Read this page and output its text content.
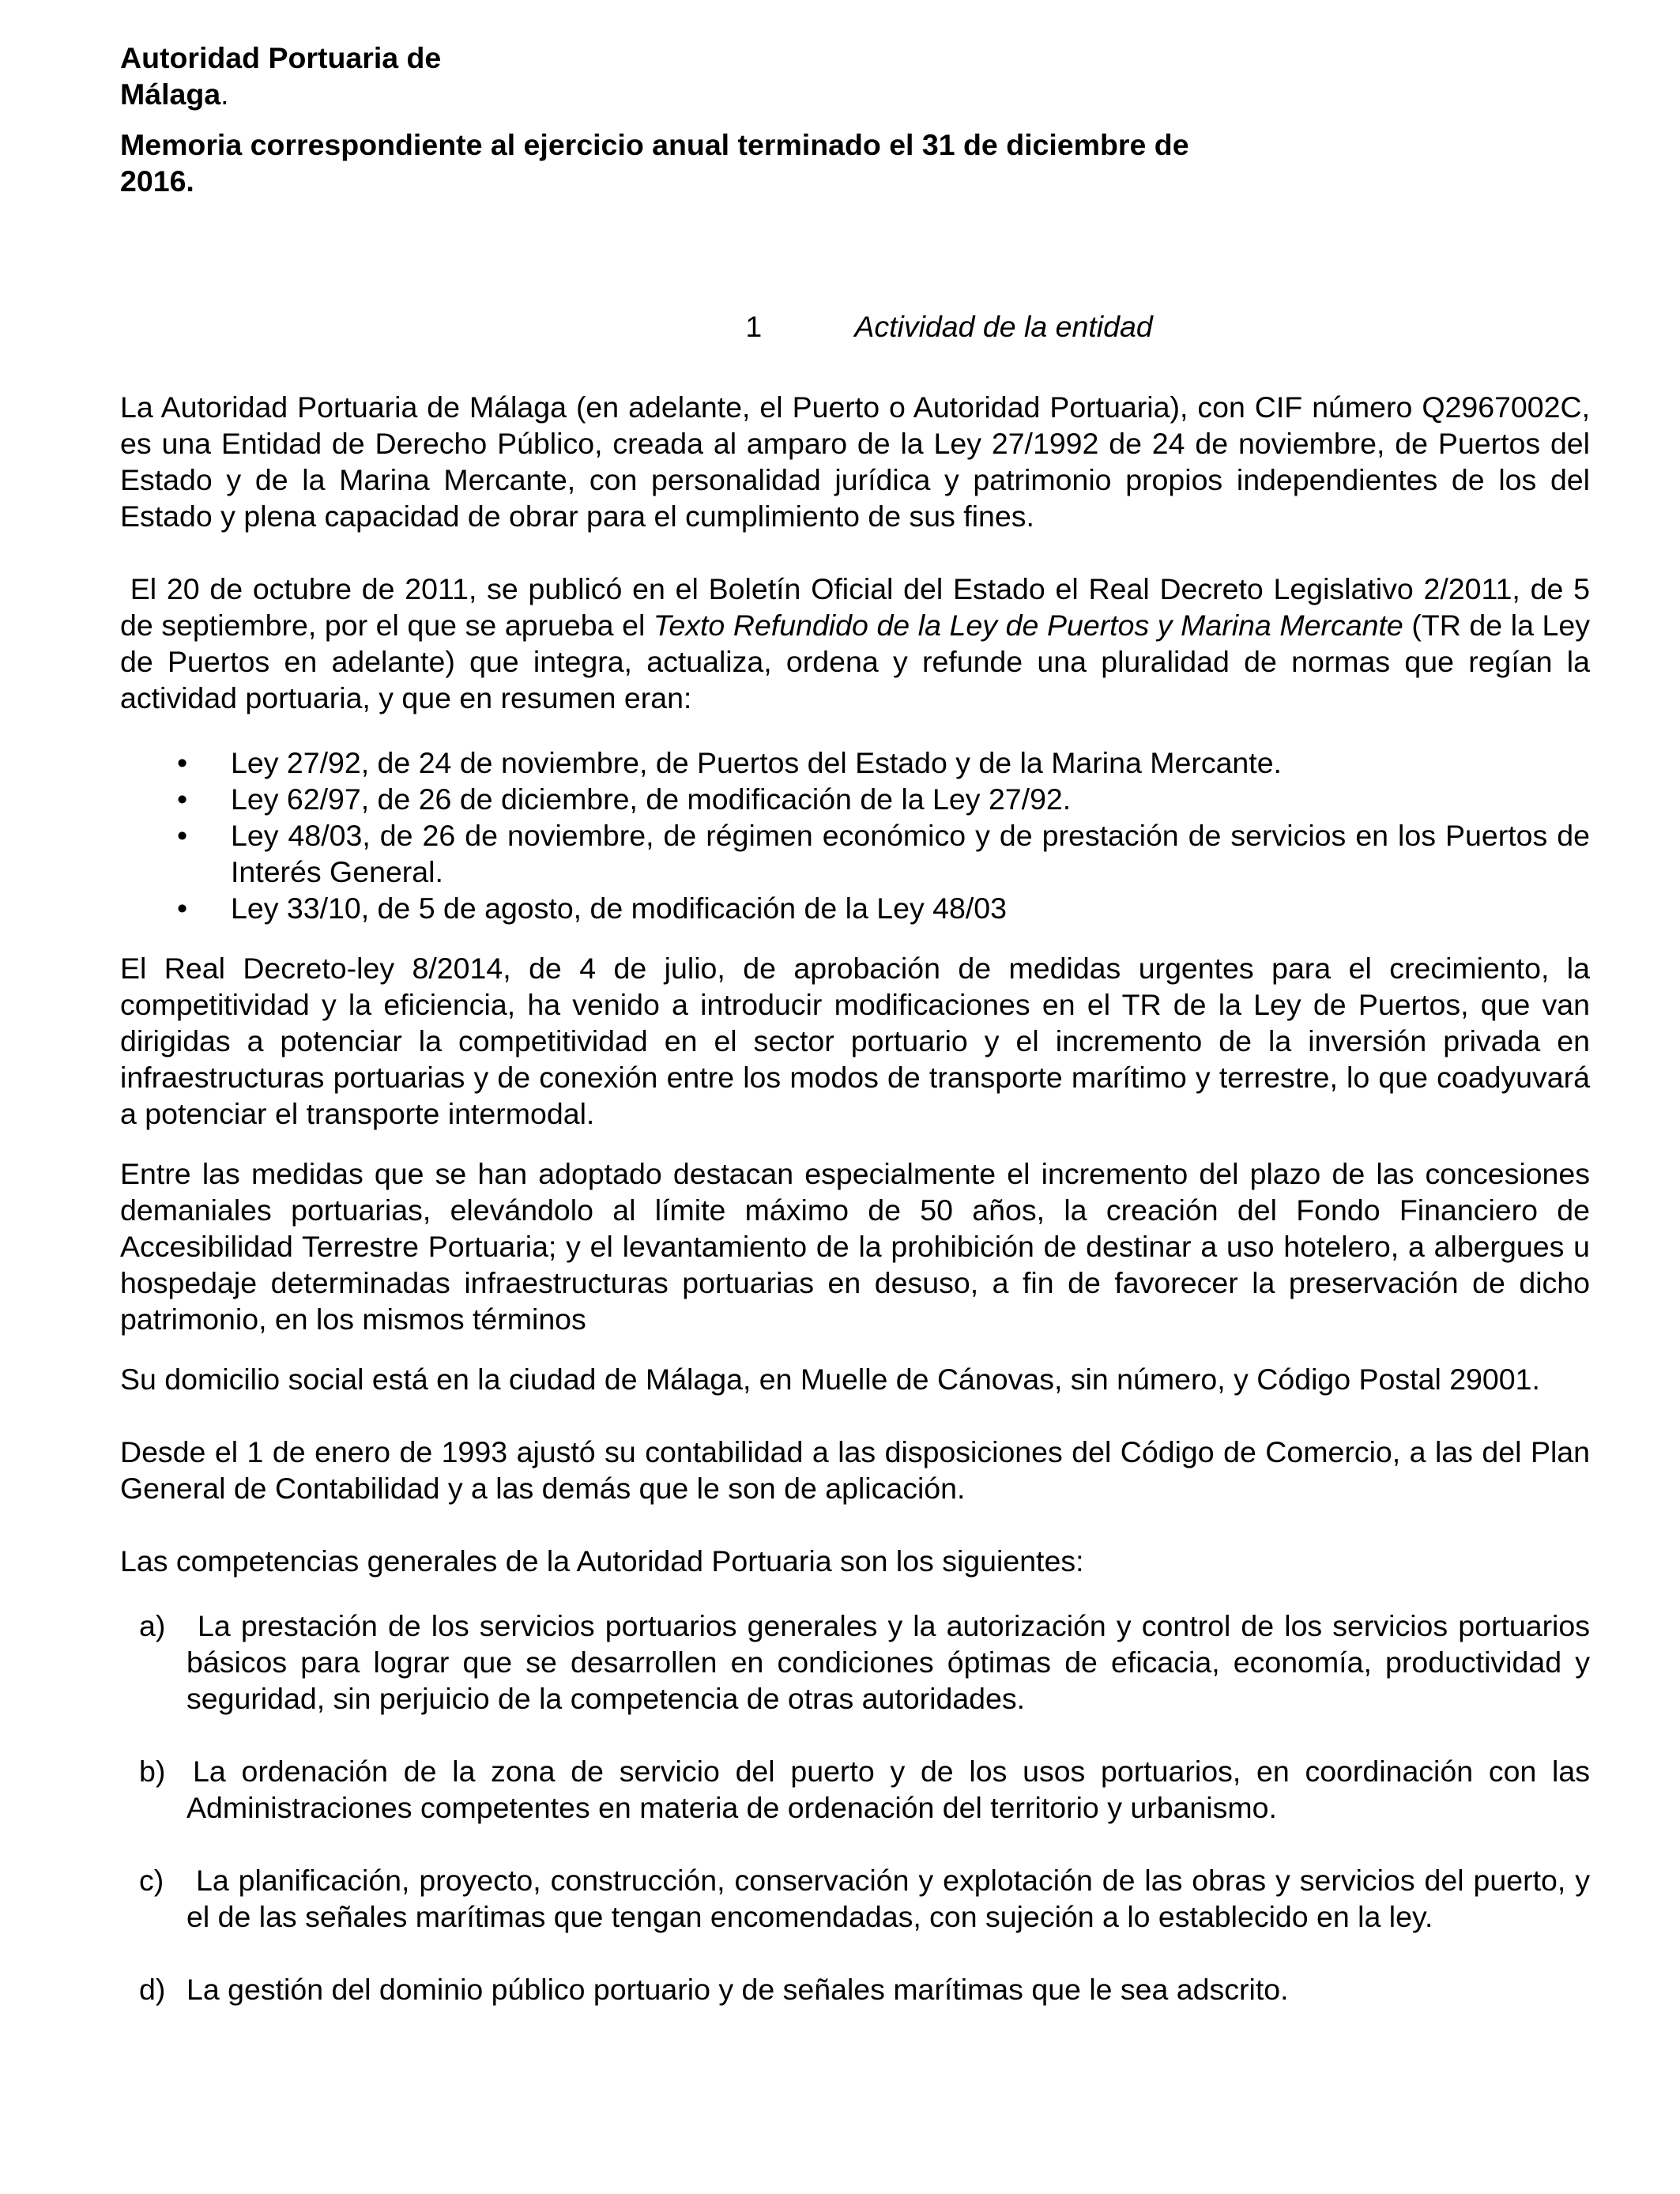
Autoridad Portuaria de
Málaga.

Memoria correspondiente al ejercicio anual terminado el 31 de diciembre de 2016.

1	Actividad de la entidad

La Autoridad Portuaria de Málaga (en adelante, el Puerto o Autoridad Portuaria), con CIF número Q2967002C, es una Entidad de Derecho Público, creada al amparo de la Ley 27/1992 de 24 de noviembre, de Puertos del Estado y de la Marina Mercante, con personalidad jurídica y patrimonio propios independientes de los del Estado y plena capacidad de obrar para el cumplimiento de sus fines.

El 20 de octubre de 2011, se publicó en el Boletín Oficial del Estado el Real Decreto Legislativo 2/2011, de 5 de septiembre, por el que se aprueba el Texto Refundido de la Ley de Puertos y Marina Mercante (TR de la Ley de Puertos en adelante) que integra, actualiza, ordena y refunde una pluralidad de normas que regían la actividad portuaria, y que en resumen eran:

•	Ley 27/92, de 24 de noviembre, de Puertos del Estado y de la Marina Mercante.
•	Ley 62/97, de 26 de diciembre, de modificación de la Ley 27/92.
•	Ley 48/03, de 26 de noviembre, de régimen económico y de prestación de servicios en los Puertos de Interés General.
•	Ley 33/10, de 5 de agosto, de modificación de la Ley 48/03

El Real Decreto-ley 8/2014, de 4 de julio, de aprobación de medidas urgentes para el crecimiento, la competitividad y la eficiencia, ha venido a introducir modificaciones en el TR de la Ley de Puertos, que van dirigidas a potenciar la competitividad en el sector portuario y el incremento de la inversión privada en infraestructuras portuarias y de conexión entre los modos de transporte marítimo y terrestre, lo que coadyuvará a potenciar el transporte intermodal.

Entre las medidas que se han adoptado destacan especialmente el incremento del plazo de las concesiones demaniales portuarias, elevándolo al límite máximo de 50 años, la creación del Fondo Financiero de Accesibilidad Terrestre Portuaria; y el levantamiento de la prohibición de destinar a uso hotelero, a albergues u hospedaje determinadas infraestructuras portuarias en desuso, a fin de favorecer la preservación de dicho patrimonio, en los mismos términos

Su domicilio social está en la ciudad de Málaga, en Muelle de Cánovas, sin número, y Código Postal 29001.

Desde el 1 de enero de 1993 ajustó su contabilidad a las disposiciones del Código de Comercio, a las del Plan General de Contabilidad y a las demás que le son de aplicación.

Las competencias generales de la Autoridad Portuaria son los siguientes:

a)	La prestación de los servicios portuarios generales y la autorización y control de los servicios portuarios básicos para lograr que se desarrollen en condiciones óptimas de eficacia, economía, productividad y seguridad, sin perjuicio de la competencia de otras autoridades.
b) La ordenación de la zona de servicio del puerto y de los usos portuarios, en coordinación con las Administraciones competentes en materia de ordenación del territorio y urbanismo.
c)	La planificación, proyecto, construcción, conservación y explotación de las obras y servicios del puerto, y el de las señales marítimas que tengan encomendadas, con sujeción a lo establecido en la ley.
d) La gestión del dominio público portuario y de señales marítimas que le sea adscrito.
